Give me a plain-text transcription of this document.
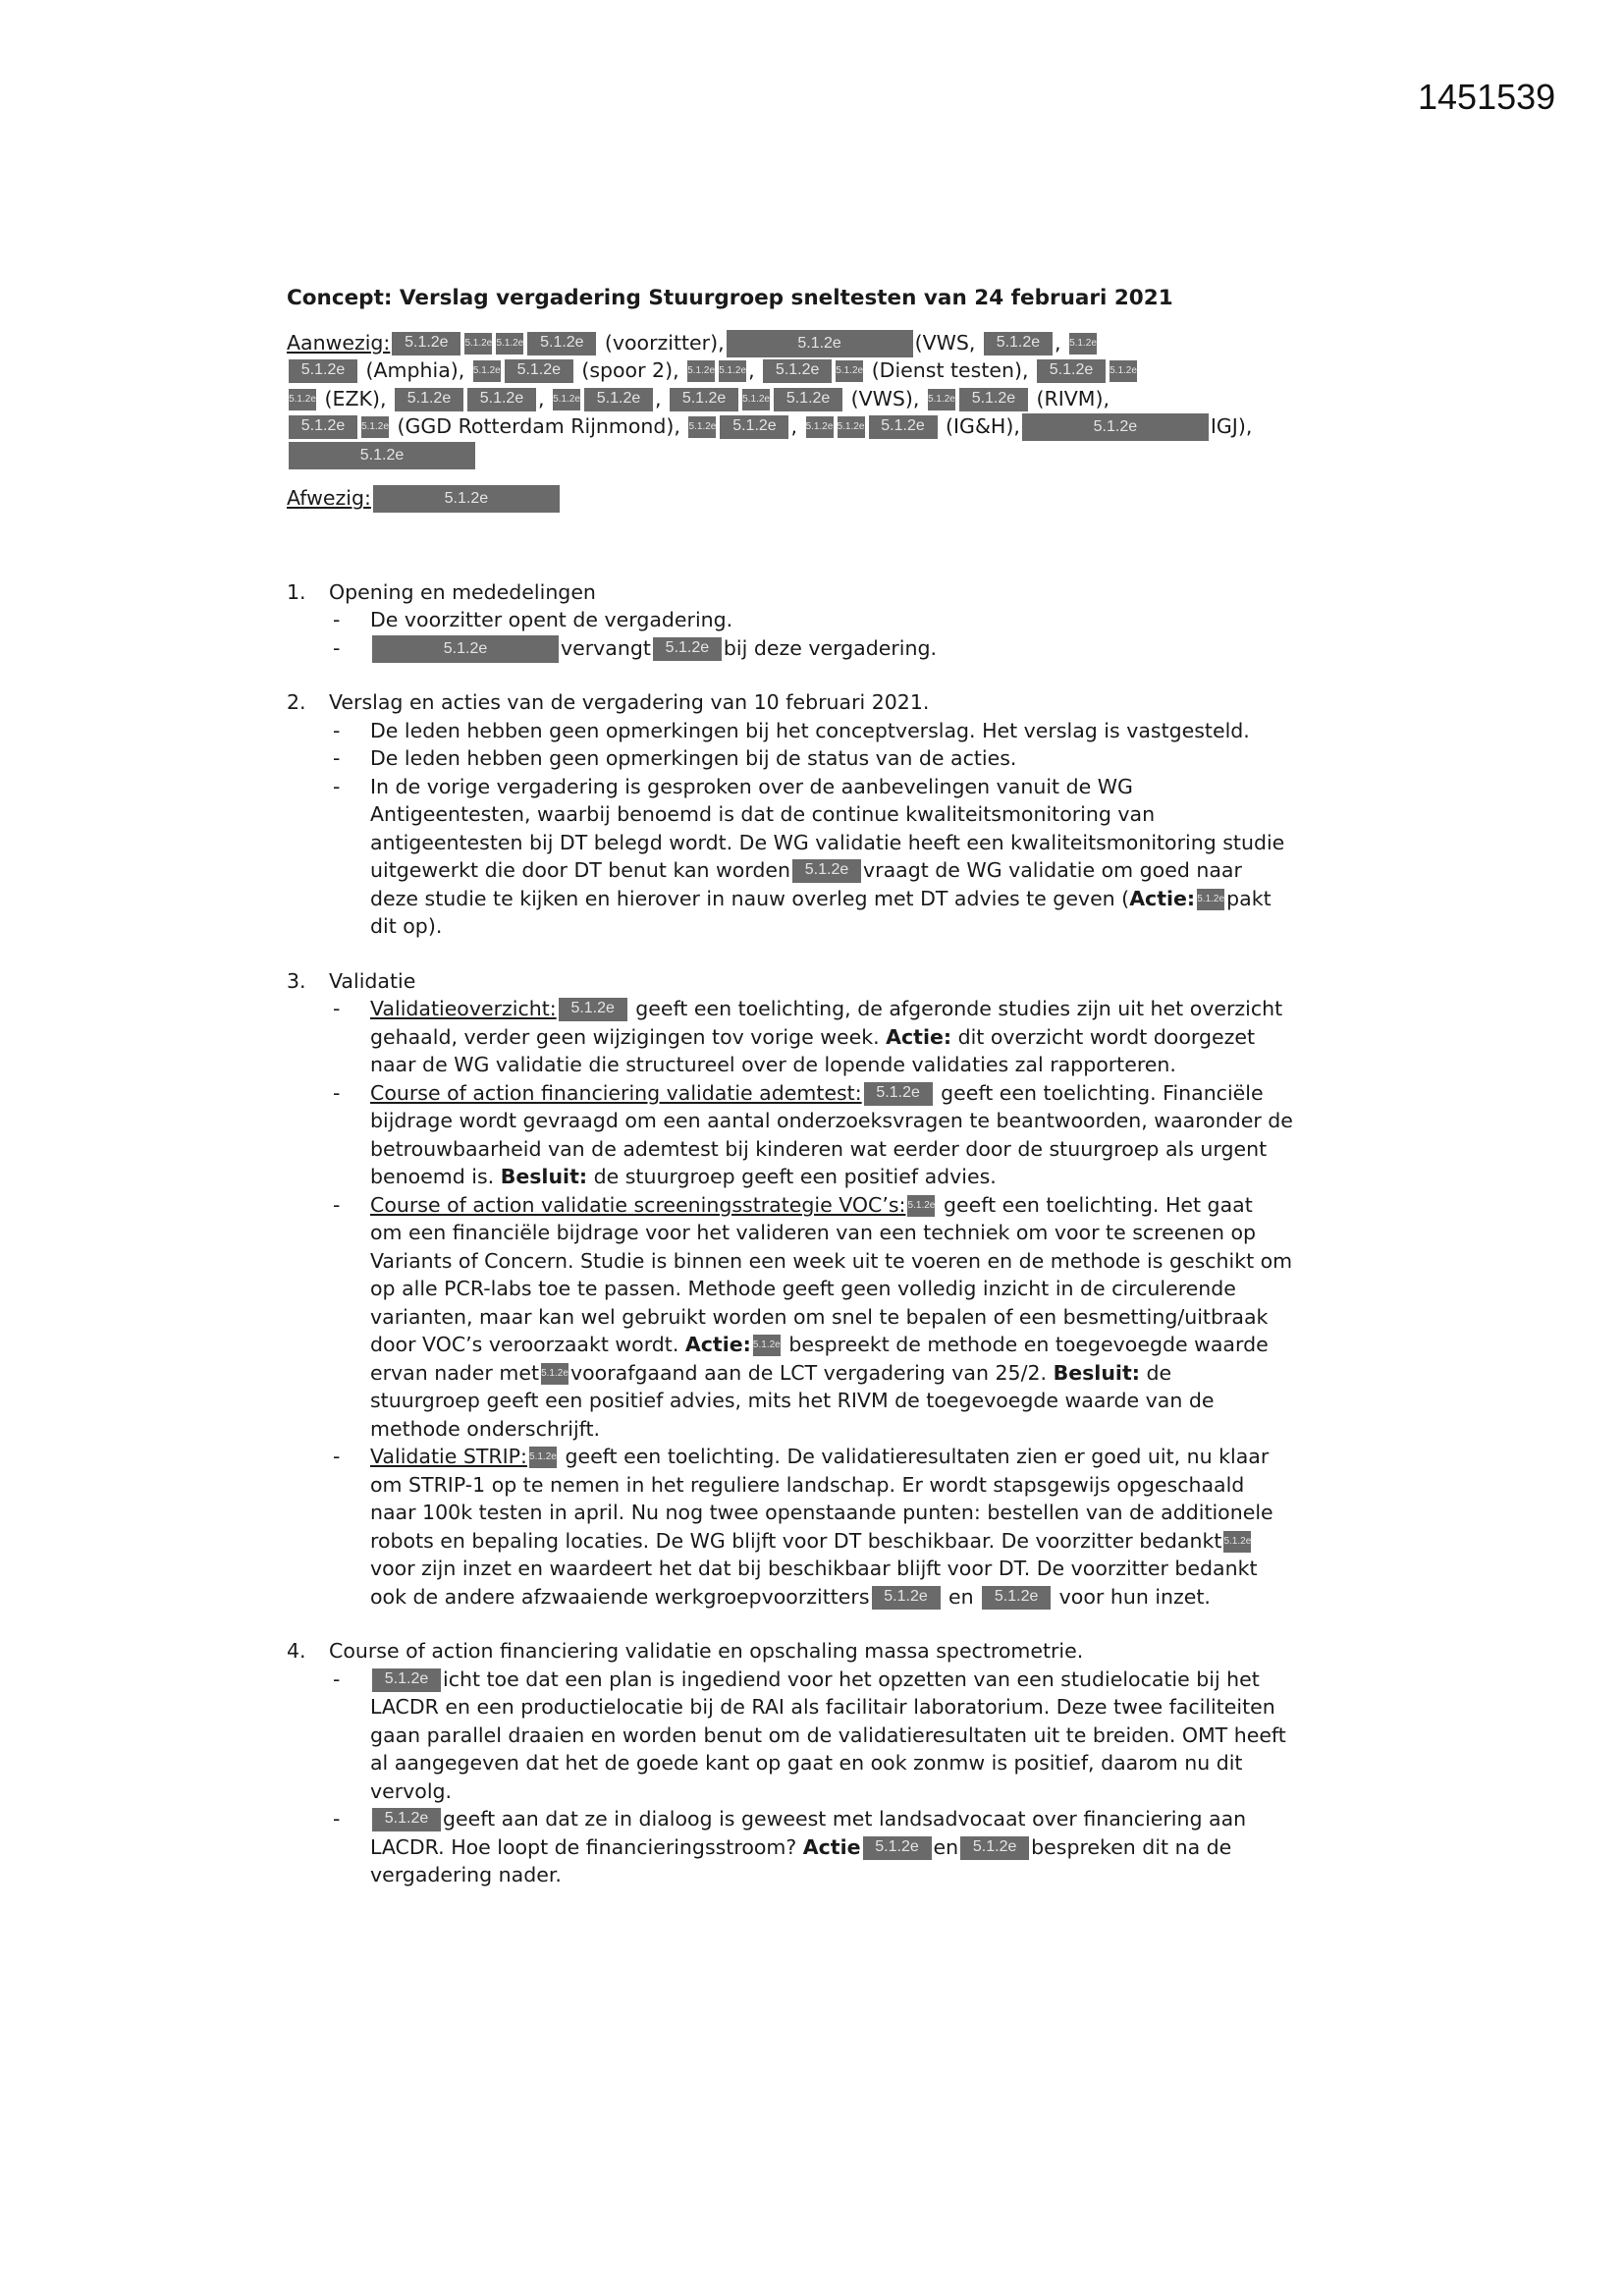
1451539
Concept: Verslag vergadering Stuurgroep sneltesten van 24 februari 2021
Aanwezig: 5.1.2e 5.1.2e 5.1.2e 5.1.2e (voorzitter),	5.1.2e	(VWS, 5.1.2e , 5.1.2e
5.1.2e (Amphia), 5.1.2e 5.1.2e (spoor 2), 5.1.2e 5.1.2e , 5.1.2e 5.1.2e (Dienst testen), 5.1.2e 5.1.2e
5.1.2e (EZK), 5.1.2e 5.1.2e , 5.1.2e 5.1.2e , 5.1.2e 5.1.2e 5.1.2e (VWS), 5.1.2e 5.1.2e (RIVM),
5.1.2e 5.1.2e (GGD Rotterdam Rijnmond), 5.1.2e 5.1.2e , 5.1.2e 5.1.2e 5.1.2e (IG&H),	5.1.2e	IGJ),
5.1.2e
Afwezig:	5.1.2e
1. Opening en mededelingen
- De voorzitter opent de vergadering.
-	5.1.2e	vervangt 5.1.2e bij deze vergadering.
2. Verslag en acties van de vergadering van 10 februari 2021.
- De leden hebben geen opmerkingen bij het conceptverslag. Het verslag is vastgesteld.
- De leden hebben geen opmerkingen bij de status van de acties.
- In de vorige vergadering is gesproken over de aanbevelingen vanuit de WG
Antigeentesten, waarbij benoemd is dat de continue kwaliteitsmonitoring van
antigeentesten bij DT belegd wordt. De WG validatie heeft een kwaliteitsmonitoring studie
uitgewerkt die door DT benut kan worden 5.1.2e vraagt de WG validatie om goed naar
deze studie te kijken en hierover in nauw overleg met DT advies te geven (Actie: 5.1.2e pakt
dit op).
3. Validatie
- Validatieoverzicht: 5.1.2e geeft een toelichting, de afgeronde studies zijn uit het overzicht
gehaald, verder geen wijzigingen tov vorige week. Actie: dit overzicht wordt doorgezet
naar de WG validatie die structureel over de lopende validaties zal rapporteren.
- Course of action financiering validatie ademtest: 5.1.2e geeft een toelichting. Financiële
bijdrage wordt gevraagd om een aantal onderzoeksvragen te beantwoorden, waaronder de
betrouwbaarheid van de ademtest bij kinderen wat eerder door de stuurgroep als urgent
benoemd is. Besluit: de stuurgroep geeft een positief advies.
- Course of action validatie screeningsstrategie VOC’s: 5.1.2e geeft een toelichting. Het gaat
om een financiële bijdrage voor het valideren van een techniek om voor te screenen op
Variants of Concern. Studie is binnen een week uit te voeren en de methode is geschikt om
op alle PCR-labs toe te passen. Methode geeft geen volledig inzicht in de circulerende
varianten, maar kan wel gebruikt worden om snel te bepalen of een besmetting/uitbraak
door VOC’s veroorzaakt wordt. Actie: 5.1.2e bespreekt de methode en toegevoegde waarde
ervan nader met 5.1.2e voorafgaand aan de LCT vergadering van 25/2. Besluit: de
stuurgroep geeft een positief advies, mits het RIVM de toegevoegde waarde van de
methode onderschrijft.
- Validatie STRIP: 5.1.2e geeft een toelichting. De validatieresultaten zien er goed uit, nu klaar
om STRIP-1 op te nemen in het reguliere landschap. Er wordt stapsgewijs opgeschaald
naar 100k testen in april. Nu nog twee openstaande punten: bestellen van de additionele
robots en bepaling locaties. De WG blijft voor DT beschikbaar. De voorzitter bedankt 5.1.2e
voor zijn inzet en waardeert het dat bij beschikbaar blijft voor DT. De voorzitter bedankt
ook de andere afzwaaiende werkgroepvoorzitters 5.1.2e en 5.1.2e voor hun inzet.
4. Course of action financiering validatie en opschaling massa spectrometrie.
-	5.1.2e icht toe dat een plan is ingediend voor het opzetten van een studielocatie bij het
LACDR en een productielocatie bij de RAI als facilitair laboratorium. Deze twee faciliteiten
gaan parallel draaien en worden benut om de validatieresultaten uit te breiden. OMT heeft
al aangegeven dat het de goede kant op gaat en ook zonmw is positief, daarom nu dit
vervolg.
-	5.1.2e geeft aan dat ze in dialoog is geweest met landsadvocaat over financiering aan
LACDR. Hoe loopt de financieringsstroom? Actie 5.1.2e en 5.1.2e bespreken dit na de
vergadering nader.
